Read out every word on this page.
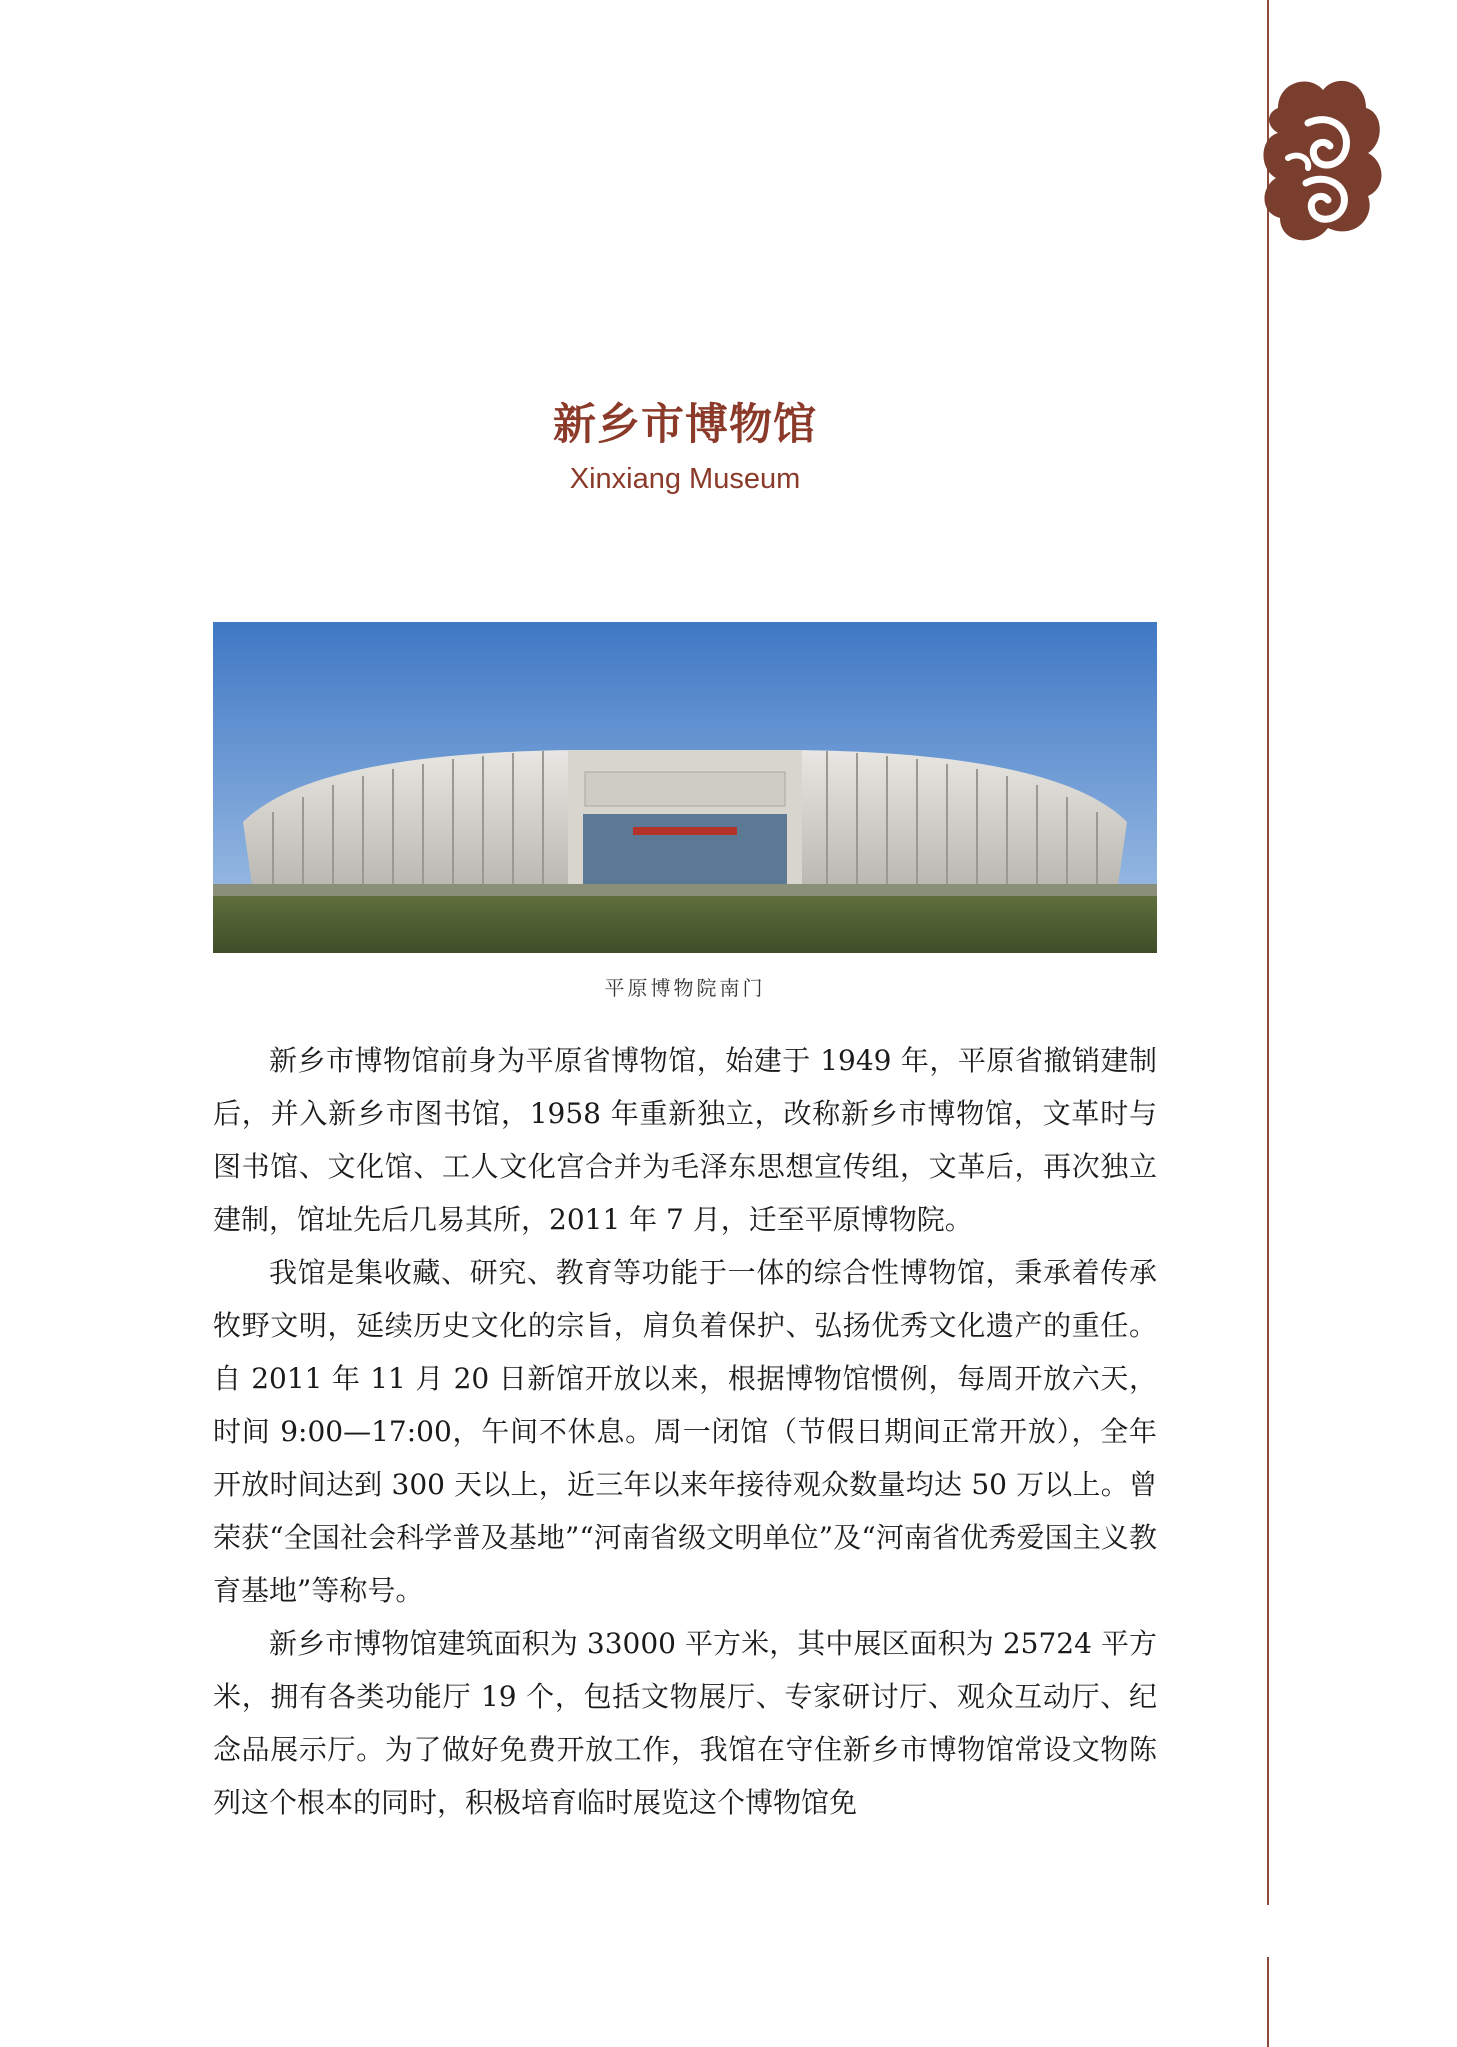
新乡市博物馆
Xinxiang Museum
平原博物院南门

新乡市博物馆前身为平原省博物馆，始建于 1949 年，平原省撤销建制后，并入新乡市图书馆，1958 年重新独立，改称新乡市博物馆，文革时与图书馆、文化馆、工人文化宫合并为毛泽东思想宣传组，文革后，再次独立建制，馆址先后几易其所，2011 年 7 月，迁至平原博物院。

我馆是集收藏、研究、教育等功能于一体的综合性博物馆，秉承着传承牧野文明，延续历史文化的宗旨，肩负着保护、弘扬优秀文化遗产的重任。自 2011 年 11 月 20 日新馆开放以来，根据博物馆惯例，每周开放六天，时间 9:00—17:00，午间不休息。周一闭馆（节假日期间正常开放），全年开放时间达到 300 天以上，近三年以来年接待观众数量均达 50 万以上。曾荣获“全国社会科学普及基地”“河南省级文明单位”及“河南省优秀爱国主义教育基地”等称号。

新乡市博物馆建筑面积为 33000 平方米，其中展区面积为 25724 平方米，拥有各类功能厅 19 个，包括文物展厅、专家研讨厅、观众互动厅、纪念品展示厅。为了做好免费开放工作，我馆在守住新乡市博物馆常设文物陈列这个根本的同时，积极培育临时展览这个博物馆免
